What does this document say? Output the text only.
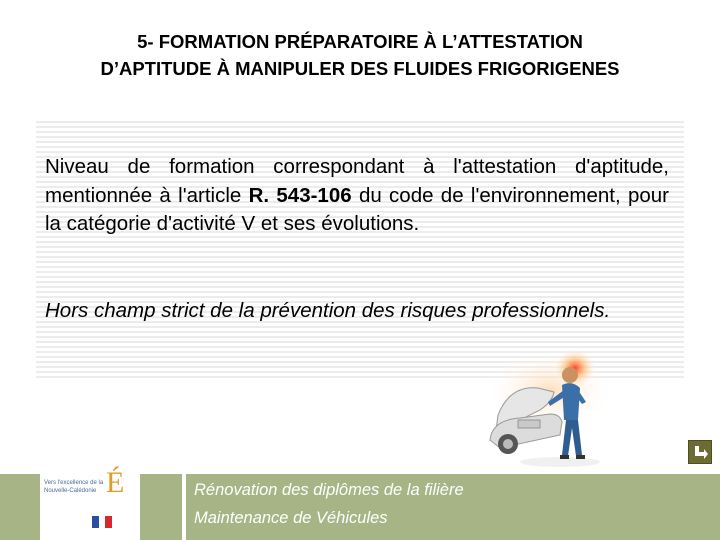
5- FORMATION PRÉPARATOIRE À L’ATTESTATION
D’APTITUDE À MANIPULER DES FLUIDES FRIGORIGENES
Niveau de formation correspondant à l'attestation d'aptitude, mentionnée à l'article R. 543-106 du code de l'environnement, pour la catégorie d'activité V et ses évolutions.
Hors champ strict de la prévention des risques professionnels.
Vers l'excellence de la Nouvelle-Calédonie É	Rénovation des diplômes de la filière
Maintenance de Véhicules
